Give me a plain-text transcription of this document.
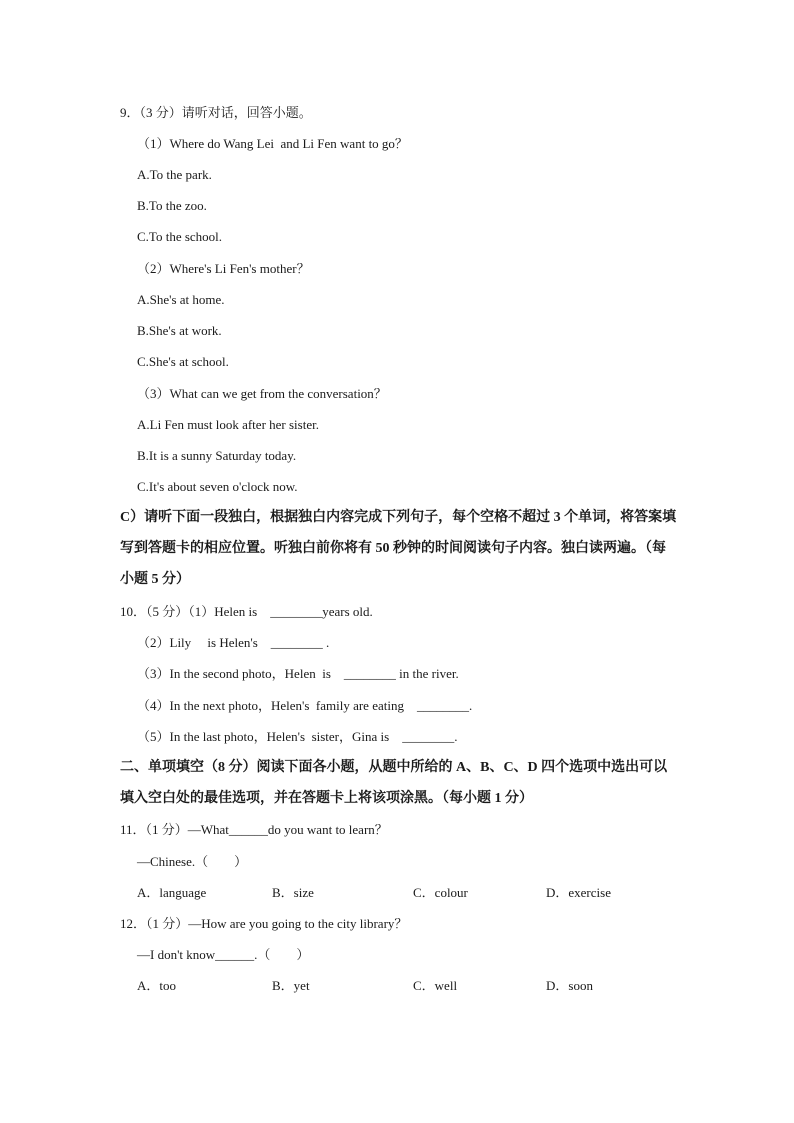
9．（3 分）请听对话，回答小题。
（1）Where do Wang Lei  and Li Fen want to go？
A.To the park.
B.To the zoo.
C.To the school.
（2）Where's Li Fen's mother？
A.She's at home.
B.She's at work.
C.She's at school.
（3）What can we get from the conversation？
A.Li Fen must look after her sister.
B.It is a sunny Saturday today.
C.It's about seven o'clock now.
C）请听下面一段独白，根据独白内容完成下列句子，每个空格不超过 3 个单词，将答案填
写到答题卡的相应位置。听独白前你将有 50 秒钟的时间阅读句子内容。独白读两遍。（每
小题 5 分）
10．（5 分）（1）Helen is    ________years old.
（2）Lily     is Helen's    ________ .
（3）In the second photo，Helen  is    ________ in the river.
（4）In the next photo，Helen's  family are eating    ________.
（5）In the last photo，Helen's  sister，Gina is    ________.
二、单项填空（8 分）阅读下面各小题，从题中所给的 A、B、C、D 四个选项中选出可以
填入空白处的最佳选项，并在答题卡上将该项涂黑。（每小题 1 分）
11．（1 分）—What______do you want to learn？
—Chinese.（        ）
A．language	B．size	C．colour	D．exercise
12．（1 分）—How are you going to the city library？
—I don't know______.（        ）
A．too	B．yet	C．well	D．soon
